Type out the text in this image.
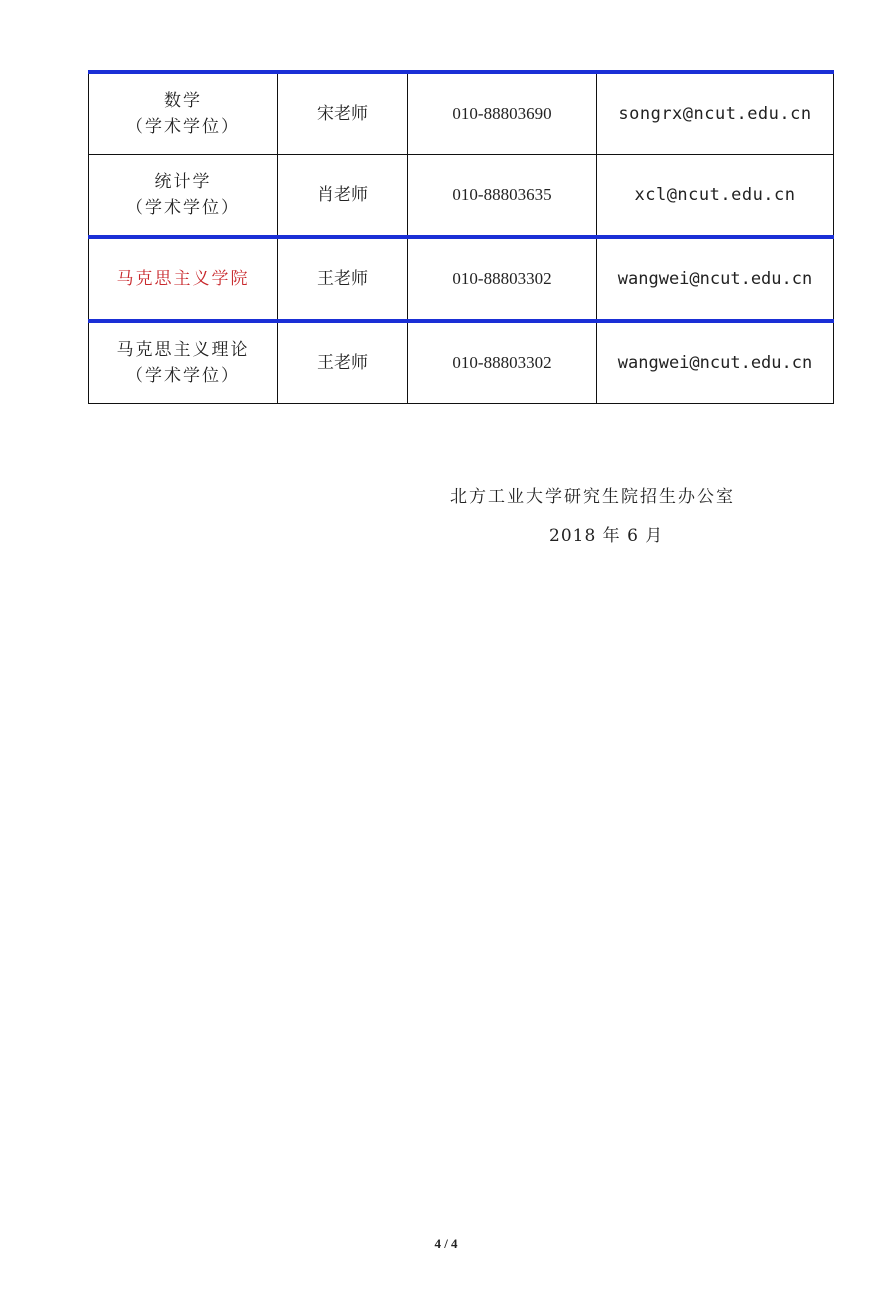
数学
（学术学位）	宋老师	010-88803690	songrx@ncut.edu.cn

统计学
（学术学位）	肖老师	010-88803635	xcl@ncut.edu.cn

马克思主义学院	王老师	010-88803302	wangwei@ncut.edu.cn

马克思主义理论
（学术学位）	王老师	010-88803302	wangwei@ncut.edu.cn
北方工业大学研究生院招生办公室
2018 年 6 月
4 / 4
